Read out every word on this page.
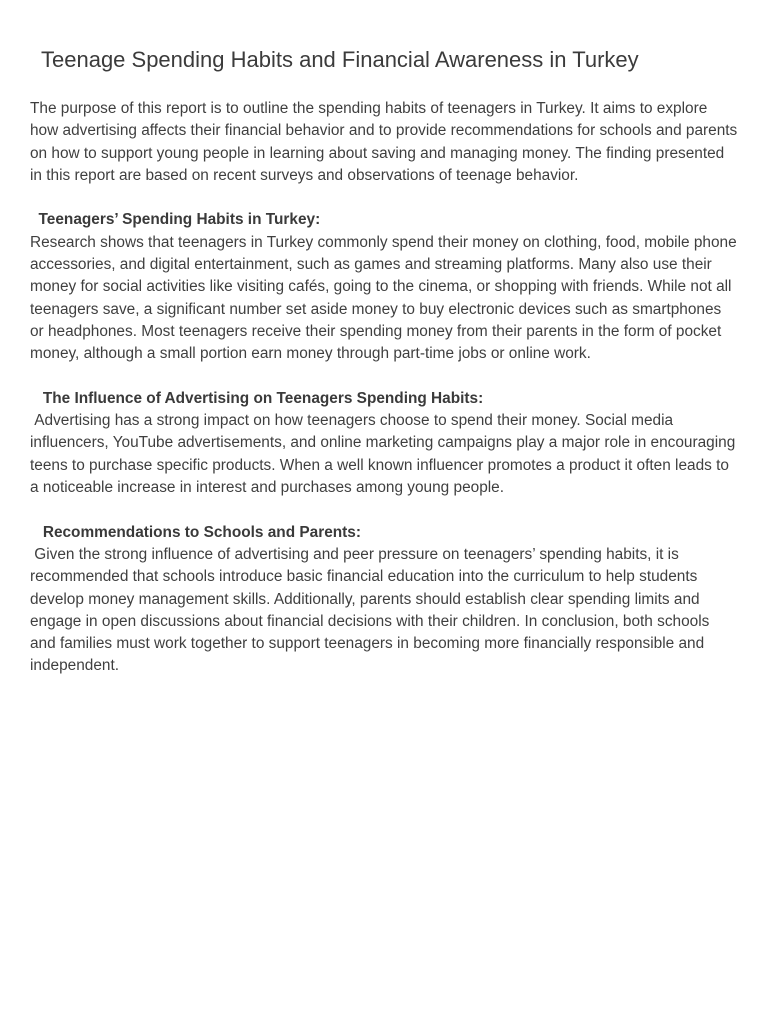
Teenage Spending Habits and Financial Awareness in Turkey

The purpose of this report is to outline the spending habits of teenagers in Turkey. It aims to explore how advertising affects their financial behavior and to provide recommendations for schools and parents on how to support young people in learning about saving and managing money. The finding presented in this report are based on recent surveys and observations of teenage behavior.

Teenagers’ Spending Habits in Turkey:

Research shows that teenagers in Turkey commonly spend their money on clothing, food, mobile phone accessories, and digital entertainment, such as games and streaming platforms. Many also use their money for social activities like visiting cafés, going to the cinema, or shopping with friends. While not all teenagers save, a significant number set aside money to buy electronic devices such as smartphones or headphones. Most teenagers receive their spending money from their parents in the form of pocket money, although a small portion earn money through part-time jobs or online work.

The Influence of Advertising on Teenagers Spending Habits:

Advertising has a strong impact on how teenagers choose to spend their money. Social media influencers, YouTube advertisements, and online marketing campaigns play a major role in encouraging teens to purchase specific products. When a well known influencer promotes a product it often leads to a noticeable increase in interest and purchases among young people.

Recommendations to Schools and Parents:

Given the strong influence of advertising and peer pressure on teenagers’ spending habits, it is recommended that schools introduce basic financial education into the curriculum to help students develop money management skills. Additionally, parents should establish clear spending limits and engage in open discussions about financial decisions with their children. In conclusion, both schools and families must work together to support teenagers in becoming more financially responsible and independent.
